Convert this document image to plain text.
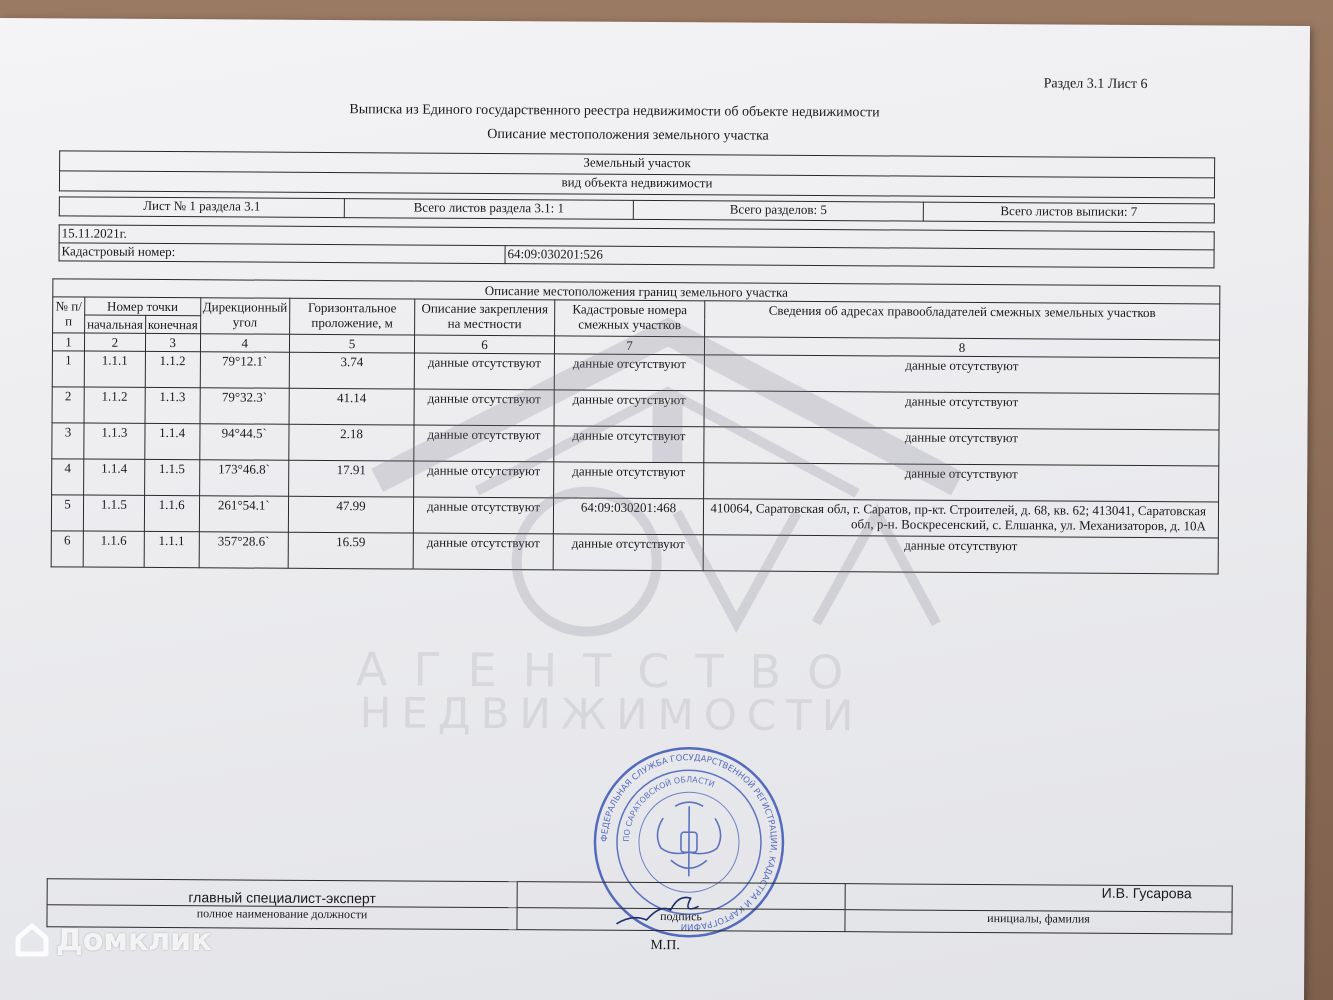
Раздел 3.1 Лист 6
Выписка из Единого государственного реестра недвижимости об объекте недвижимости
Описание местоположения земельного участка
Земельный участок
вид объекта недвижимости
Лист № 1 раздела 3.1	Всего листов раздела 3.1: 1	Всего разделов: 5	Всего листов выписки: 7
15.11.2021г.
Кадастровый номер:	64:09:030201:526
Описание местоположения границ земельного участка							
№ п/п	Номер точки		Дирекционный угол	Горизонтальное проложение, м	Описание закрепления на местности	Кадастровые номера смежных участков	Сведения об адресах правообладателей смежных земельных участков
	начальная	конечная					
1	2	3	4	5	6	7	8
1	1.1.1	1.1.2	79°12.1`	3.74	данные отсутствуют	данные отсутствуют	данные отсутствуют
2	1.1.2	1.1.3	79°32.3`	41.14	данные отсутствуют	данные отсутствуют	данные отсутствуют
3	1.1.3	1.1.4	94°44.5`	2.18	данные отсутствуют	данные отсутствуют	данные отсутствуют
4	1.1.4	1.1.5	173°46.8`	17.91	данные отсутствуют	данные отсутствуют	данные отсутствуют
5	1.1.5	1.1.6	261°54.1`	47.99	данные отсутствуют	64:09:030201:468	410064, Саратовская обл, г. Саратов, пр-кт. Строителей, д. 68, кв. 62; 413041, Саратовская обл, р-н. Воскресенский, с. Елшанка, ул. Механизаторов, д. 10А
6	1.1.6	1.1.1	357°28.6`	16.59	данные отсутствуют	данные отсутствуют	данные отсутствуют
АГЕНТСТВО
НЕДВИЖИМОСТИ
ФЕДЕРАЛЬНАЯ СЛУЖБА ГОСУДАРСТВЕННОЙ РЕГИСТРАЦИИ, КАДАСТРА И КАРТОГРАФИИ
ПО САРАТОВСКОЙ ОБЛАСТИ
главный специалист-эксперт		И.В. Гусарова
полное наименование должности	подпись	инициалы, фамилия
М.П.
Домклик
